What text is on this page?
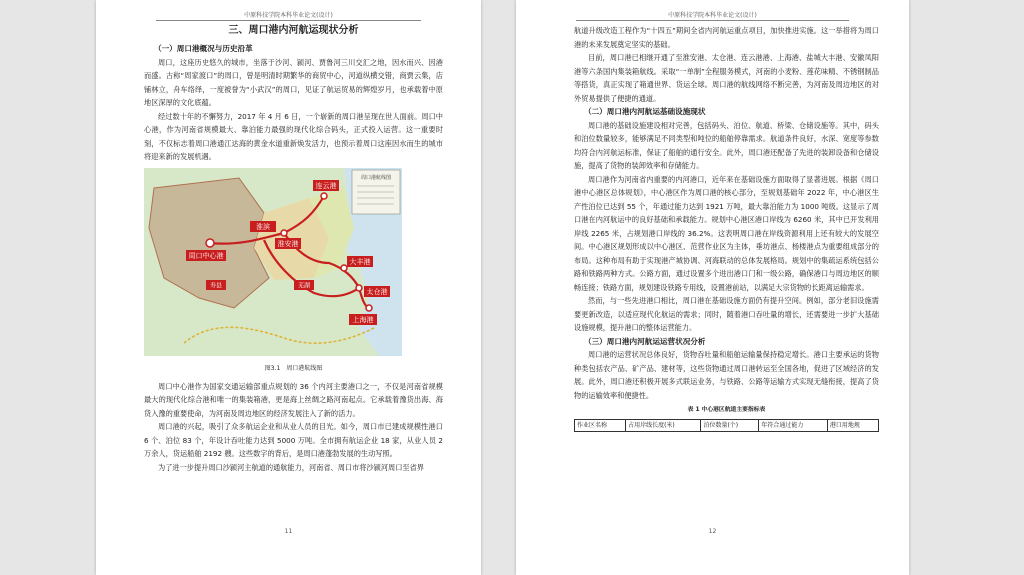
中原科技学院本科毕业论文(设计)
三、周口港内河航运现状分析
（一）周口港概况与历史沿革

周口，这座历史悠久的城市，坐落于沙河、颍河、贾鲁河三川交汇之地，因水而兴、因港而盛。古称“周家渡口”的周口，曾是明清时期繁华的商贸中心，河道纵横交错，商贾云集，店铺林立，舟车络绎，一度被誉为“小武汉”的周口，见证了航运贸易的辉煌岁月，也承载着中原地区深厚的文化底蕴。

经过数十年的不懈努力，2017 年 4 月 6 日，一个崭新的周口港呈现在世人面前。周口中心港，作为河南省规模最大、靠泊能力最强的现代化综合码头，正式投入运营。这一重要时刻，不仅标志着周口港通江达海的黄金水道重新焕发活力，也预示着周口这座因水而生的城市将迎来新的发展机遇。

周口中心港
淮滨
淮安港
连云港
大丰港
太仓港
上海港
寿县	芜湖
周口港航线图
图3.1　周口港航线图

周口中心港作为国家交通运输部重点规划的 36 个内河主要港口之一，不仅是河南省规模最大的现代化综合港和唯一的集装箱港，更是海上丝绸之路河南起点。它承载着豫货出海、海货入豫的重要使命，为河南及周边地区的经济发展注入了新的活力。

周口港的兴起，吸引了众多航运企业和从业人员的目光。如今，周口市已建成规模性港口 6 个、泊位 83 个，年设计吞吐能力达到 5000 万吨。全市拥有航运企业 18 家，从业人员 2 万余人，货运船舶 2192 艘。这些数字的背后，是周口港蓬勃发展的生动写照。

为了进一步提升周口沙颍河主航道的通航能力，河南省、周口市将沙颍河周口至省界

11
中原科技学院本科毕业论文(设计)

航道升级改造工程作为“十四五”期间全省内河航运重点项目，加快推进实施。这一举措将为周口港的未来发展奠定坚实的基础。

目前，周口港已相继开通了至淮安港、太仓港、连云港港、上海港、盐城大丰港、安徽凤阳港等六条国内集装箱航线。采取“一单制”全程服务模式，河南的小麦粉、莲花味精、不锈钢制品等搭货，真正实现了箱通世界、货运全球。周口港的航线网络不断完善，为河南及周边地区的对外贸易提供了便捷的通道。

（二）周口港内河航运基础设施现状

周口港的基础设施建设相对完善，包括码头、泊位、航道、桥梁、仓储设施等。其中，码头和泊位数量较多，能够满足不同类型和吨位的船舶停靠需求。航道条件良好，水深、宽度等参数均符合内河航运标准，保证了船舶的通行安全。此外，周口港还配备了先进的装卸设备和仓储设施，提高了货物的装卸效率和存储能力。

周口港作为河南省内重要的内河港口，近年来在基础设施方面取得了显著进展。根据《周口港中心港区总体规划》，中心港区作为周口港的核心部分，至规划基础年 2022 年，中心港区生产性泊位已达到 55 个，年通过能力达到 1921 万吨，最大靠泊能力为 1000 吨级。这显示了周口港在内河航运中的良好基础和承载能力。规划中心港区港口岸线为 6260 米，其中已开发利用岸线 2265 米，占规划港口岸线的 36.2%。这表明周口港在岸线资源利用上还有较大的发展空间。中心港区规划形成以中心港区、范营作业区为主体，垂坊港点、杨楼港点为重要组成部分的布局。这种布局有助于实现港产城协调、河海联动的总体发展格局。规划中的集疏运系统包括公路和铁路两种方式。公路方面，通过设置多个进出港口门和一级公路，确保港口与周边地区的顺畅连接；铁路方面，规划建设铁路专用线，设置港前站，以满足大宗货物的长距离运输需求。

然而，与一些先进港口相比，周口港在基础设施方面仍有提升空间。例如，部分老旧设施需要更新改造，以适应现代化航运的需求；同时，随着港口吞吐量的增长，还需要进一步扩大基础设施规模，提升港口的整体运营能力。

（三）周口港内河航运运营状况分析

周口港的运营状况总体良好，货物吞吐量和船舶运输量保持稳定增长。港口主要承运的货物种类包括农产品、矿产品、建材等，这些货物通过周口港转运至全国各地，促进了区域经济的发展。此外，周口港还积极开展多式联运业务，与铁路、公路等运输方式实现无缝衔接，提高了货物的运输效率和便捷性。

表 1 中心港区航道主要指标表
作业区名称	占用岸线长度(米)	泊位数量(个)	年符合通过能力	港口用地规
12
